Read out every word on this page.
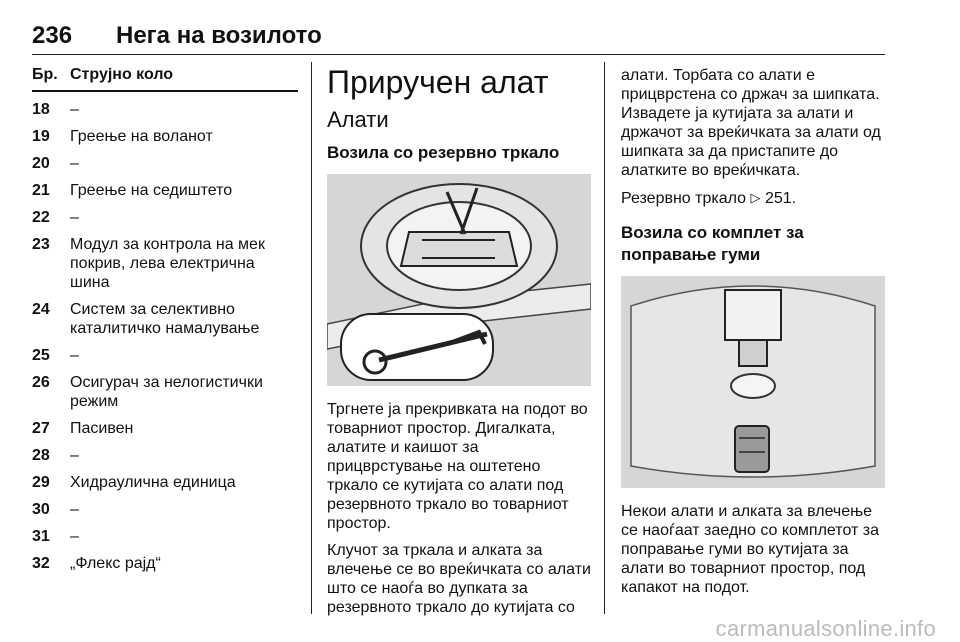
236 Нега на возилото
Бр. Струјно коло
18	–
19	Греење на воланот
20	–
21	Греење на седиштето
22	–
23	Модул за контрола на мек покрив, лева електрична шина
24	Систем за селективно каталитичко намалување
25	–
26	Осигурач за нелогистички режим
27	Пасивен
28	–
29	Хидраулична единица
30	–
31	–
32	„Флекс рајд“
Приручен алат
Алати
Возила со резервно тркало

Тргнете ја прекривката на подот во товарниот простор. Дигалката, алатите и каишот за прицврстување на оштетено тркало се кутијата со алати под резервното тркало во товарниот простор.

Клучот за тркала и алката за влечење се во вреќичката со алати што се наоѓа во дупката за резервното тркало до кутијата со

алати. Торбата со алати е прицврстена со држач за шипката. Извадете ја кутијата за алати и држачот за вреќичката за алати од шипката за да пристапите до алатките во вреќичката.

Резервно тркало ▷ 251.

Возила со комплет за поправање гуми

Некои алати и алката за влечење се наоѓаат заедно со комплетот за поправање гуми во кутијата за алати во товарниот простор, под капакот на подот.

carmanualsonline.info
